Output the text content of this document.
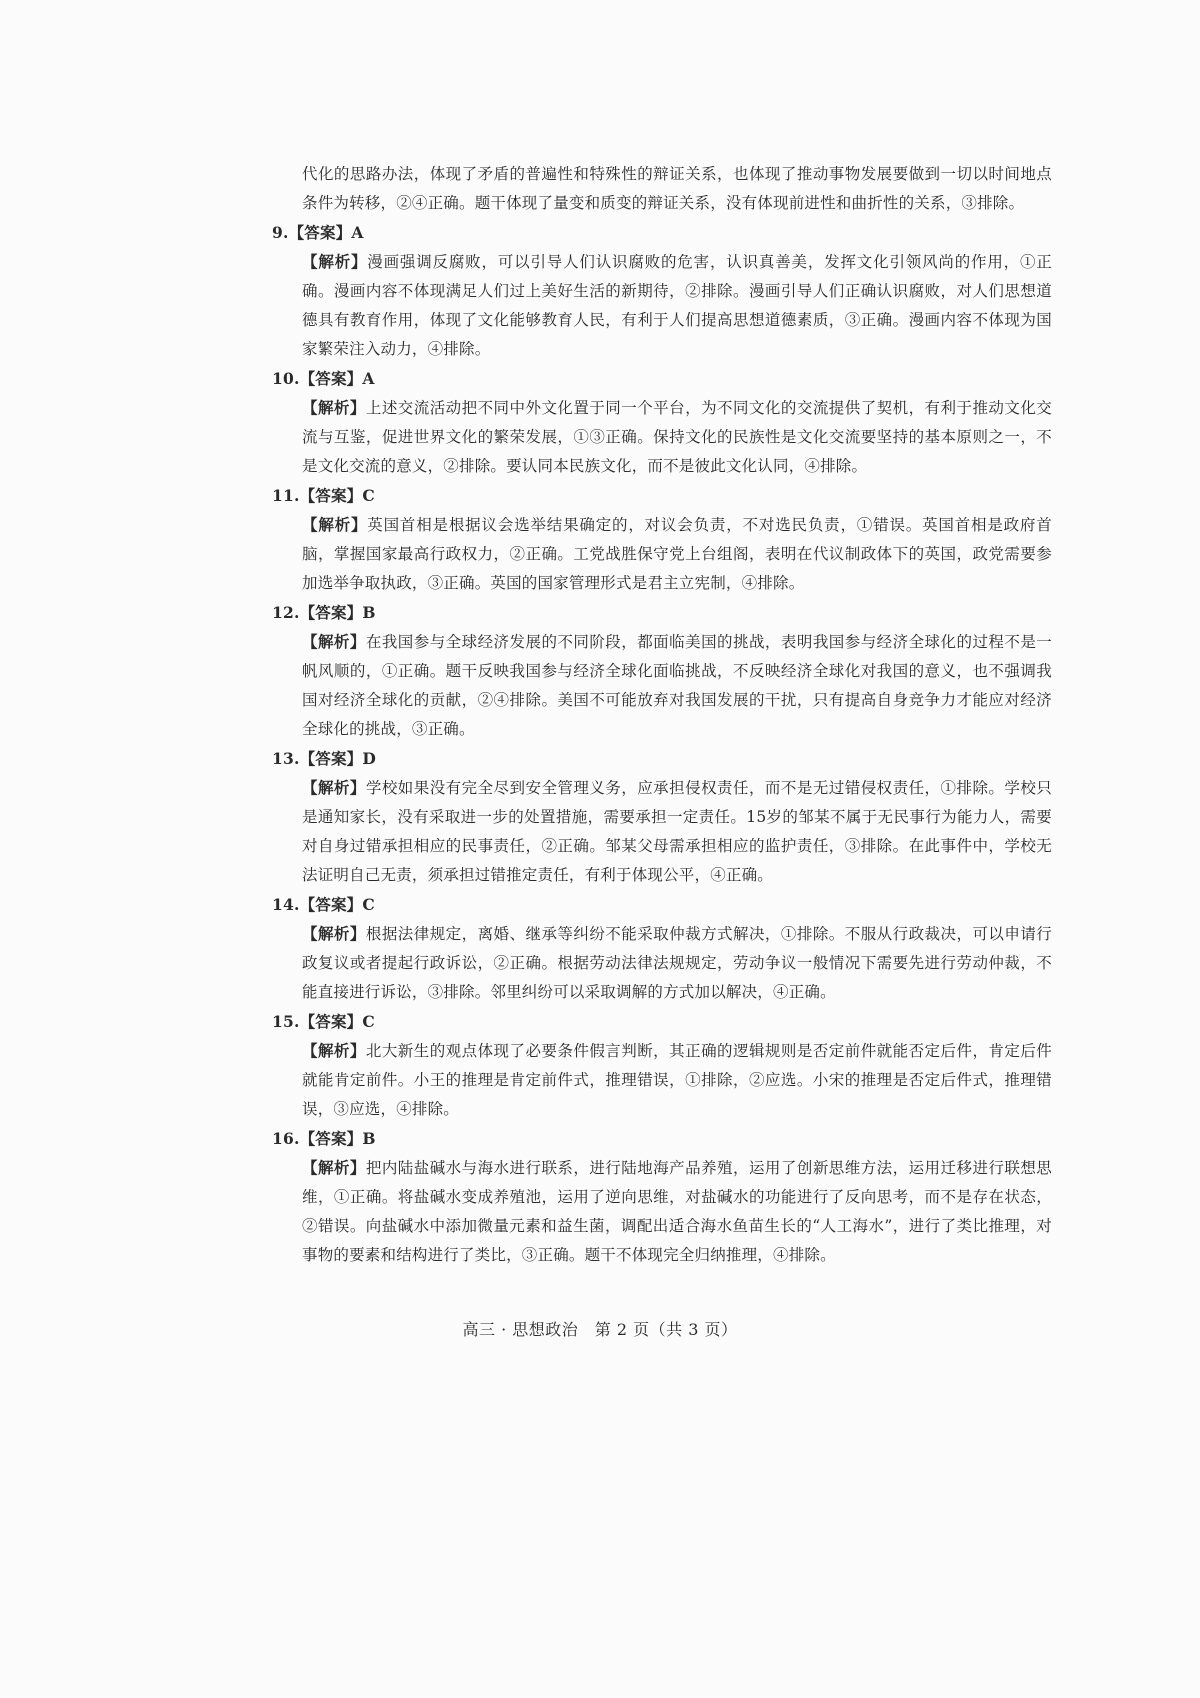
代化的思路办法，体现了矛盾的普遍性和特殊性的辩证关系，也体现了推动事物发展要做到一切以时间地点条件为转移，②④正确。题干体现了量变和质变的辩证关系，没有体现前进性和曲折性的关系，③排除。

9.【答案】A

【解析】漫画强调反腐败，可以引导人们认识腐败的危害，认识真善美，发挥文化引领风尚的作用，①正确。漫画内容不体现满足人们过上美好生活的新期待，②排除。漫画引导人们正确认识腐败，对人们思想道德具有教育作用，体现了文化能够教育人民，有利于人们提高思想道德素质，③正确。漫画内容不体现为国家繁荣注入动力，④排除。

10.【答案】A

【解析】上述交流活动把不同中外文化置于同一个平台，为不同文化的交流提供了契机，有利于推动文化交流与互鉴，促进世界文化的繁荣发展，①③正确。保持文化的民族性是文化交流要坚持的基本原则之一，不是文化交流的意义，②排除。要认同本民族文化，而不是彼此文化认同，④排除。

11.【答案】C

【解析】英国首相是根据议会选举结果确定的，对议会负责，不对选民负责，①错误。英国首相是政府首脑，掌握国家最高行政权力，②正确。工党战胜保守党上台组阁，表明在代议制政体下的英国，政党需要参加选举争取执政，③正确。英国的国家管理形式是君主立宪制，④排除。

12.【答案】B

【解析】在我国参与全球经济发展的不同阶段，都面临美国的挑战，表明我国参与经济全球化的过程不是一帆风顺的，①正确。题干反映我国参与经济全球化面临挑战，不反映经济全球化对我国的意义，也不强调我国对经济全球化的贡献，②④排除。美国不可能放弃对我国发展的干扰，只有提高自身竞争力才能应对经济全球化的挑战，③正确。

13.【答案】D

【解析】学校如果没有完全尽到安全管理义务，应承担侵权责任，而不是无过错侵权责任，①排除。学校只是通知家长，没有采取进一步的处置措施，需要承担一定责任。15岁的邹某不属于无民事行为能力人，需要对自身过错承担相应的民事责任，②正确。邹某父母需承担相应的监护责任，③排除。在此事件中，学校无法证明自己无责，须承担过错推定责任，有利于体现公平，④正确。

14.【答案】C

【解析】根据法律规定，离婚、继承等纠纷不能采取仲裁方式解决，①排除。不服从行政裁决，可以申请行政复议或者提起行政诉讼，②正确。根据劳动法律法规规定，劳动争议一般情况下需要先进行劳动仲裁，不能直接进行诉讼，③排除。邻里纠纷可以采取调解的方式加以解决，④正确。

15.【答案】C

【解析】北大新生的观点体现了必要条件假言判断，其正确的逻辑规则是否定前件就能否定后件，肯定后件就能肯定前件。小王的推理是肯定前件式，推理错误，①排除，②应选。小宋的推理是否定后件式，推理错误，③应选，④排除。

16.【答案】B

【解析】把内陆盐碱水与海水进行联系，进行陆地海产品养殖，运用了创新思维方法，运用迁移进行联想思维，①正确。将盐碱水变成养殖池，运用了逆向思维，对盐碱水的功能进行了反向思考，而不是存在状态，②错误。向盐碱水中添加微量元素和益生菌，调配出适合海水鱼苗生长的“人工海水”，进行了类比推理，对事物的要素和结构进行了类比，③正确。题干不体现完全归纳推理，④排除。

高三 · 思想政治　第 2 页（共 3 页）
